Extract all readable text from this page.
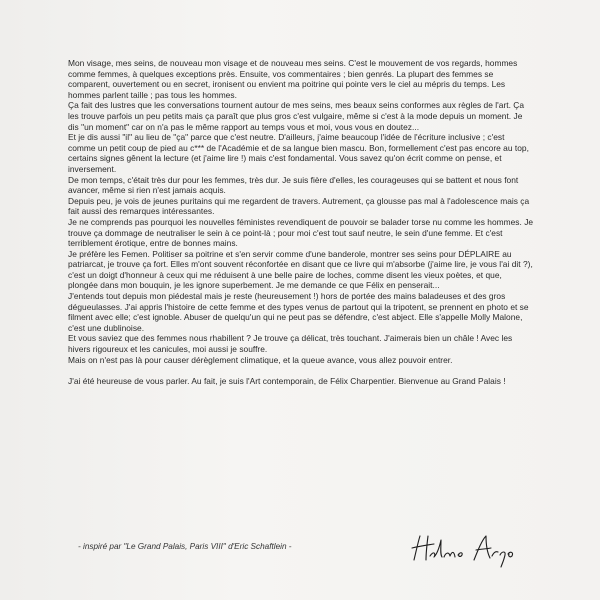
Mon visage, mes seins, de nouveau mon visage et de nouveau mes seins. C'est le mouvement de vos regards, hommes comme femmes, à quelques exceptions près. Ensuite, vos commentaires ; bien genrés. La plupart des femmes se comparent, ouvertement ou en secret, ironisent ou envient ma poitrine qui pointe vers le ciel au mépris du temps. Les hommes parlent taille ; pas tous les hommes.

Ça fait des lustres que les conversations tournent autour de mes seins, mes beaux seins conformes aux règles de l'art. Ça les trouve parfois un peu petits mais ça paraît que plus gros c'est vulgaire, même si c'est à la mode depuis un moment. Je dis "un moment" car on n'a pas le même rapport au temps vous et moi, vous vous en doutez...

Et je dis aussi "il" au lieu de "ça" parce que c'est neutre. D'ailleurs, j'aime beaucoup l'idée de l'écriture inclusive ; c'est comme un petit coup de pied au c*** de l'Académie et de sa langue bien mascu. Bon, formellement c'est pas encore au top, certains signes gênent la lecture (et j'aime lire !) mais c'est fondamental. Vous savez qu'on écrit comme on pense, et inversement.

De mon temps, c'était très dur pour les femmes, très dur. Je suis fière d'elles, les courageuses qui se battent et nous font avancer, même si rien n'est jamais acquis.

Depuis peu, je vois de jeunes puritains qui me regardent de travers. Autrement, ça glousse pas mal à l'adolescence mais ça fait aussi des remarques intéressantes.

Je ne comprends pas pourquoi les nouvelles féministes revendiquent de pouvoir se balader torse nu comme les hommes. Je trouve ça dommage de neutraliser le sein à ce point-là ; pour moi c'est tout sauf neutre, le sein d'une femme. Et c'est terriblement érotique, entre de bonnes mains.

Je préfère les Femen. Politiser sa poitrine et s'en servir comme d'une banderole, montrer ses seins pour DÉPLAIRE au patriarcat, je trouve ça fort. Elles m'ont souvent réconfortée en disant que ce livre qui m'absorbe (j'aime lire, je vous l'ai dit ?), c'est un doigt d'honneur à ceux qui me réduisent à une belle paire de loches, comme disent les vieux poètes, et que, plongée dans mon bouquin, je les ignore superbement. Je me demande ce que Félix en penserait...

J'entends tout depuis mon piédestal mais je reste (heureusement !) hors de portée des mains baladeuses et des gros dégueulasses. J'ai appris l'histoire de cette femme et des types venus de partout qui la tripotent, se prennent en photo et se filment avec elle; c'est ignoble. Abuser de quelqu'un qui ne peut pas se défendre, c'est abject. Elle s'appelle Molly Malone, c'est une dublinoise.

Et vous saviez que des femmes nous rhabillent ? Je trouve ça délicat, très touchant. J'aimerais bien un châle ! Avec les hivers rigoureux et les canicules, moi aussi je souffre.

Mais on n'est pas là pour causer dérèglement climatique, et la queue avance, vous allez pouvoir entrer.

J'ai été heureuse de vous parler. Au fait, je suis l'Art contemporain, de Félix Charpentier. Bienvenue au Grand Palais !

- inspiré par "Le Grand Palais, Paris VIII" d'Eric Schaftlein -
